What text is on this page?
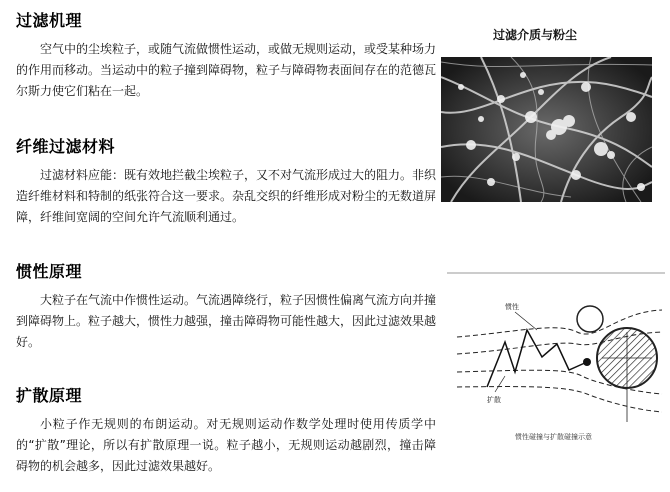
过滤机理

空气中的尘埃粒子，或随气流做惯性运动，或做无规则运动，或受某种场力的作用而移动。当运动中的粒子撞到障碍物，粒子与障碍物表面间存在的范德瓦尔斯力使它们粘在一起。

纤维过滤材料

过滤材料应能：既有效地拦截尘埃粒子，又不对气流形成过大的阻力。非织造纤维材料和特制的纸张符合这一要求。杂乱交织的纤维形成对粉尘的无数道屏障，纤维间宽阔的空间允许气流顺利通过。

惯性原理

大粒子在气流中作惯性运动。气流遇障绕行，粒子因惯性偏离气流方向并撞到障碍物上。粒子越大，惯性力越强，撞击障碍物可能性越大，因此过滤效果越好。

扩散原理

小粒子作无规则的布朗运动。对无规则运动作数学处理时使用传质学中的“扩散”理论，所以有扩散原理一说。粒子越小，无规则运动越剧烈，撞击障碍物的机会越多，因此过滤效果越好。

过滤介质与粉尘
惯性
扩散
惯性碰撞与扩散碰撞示意
